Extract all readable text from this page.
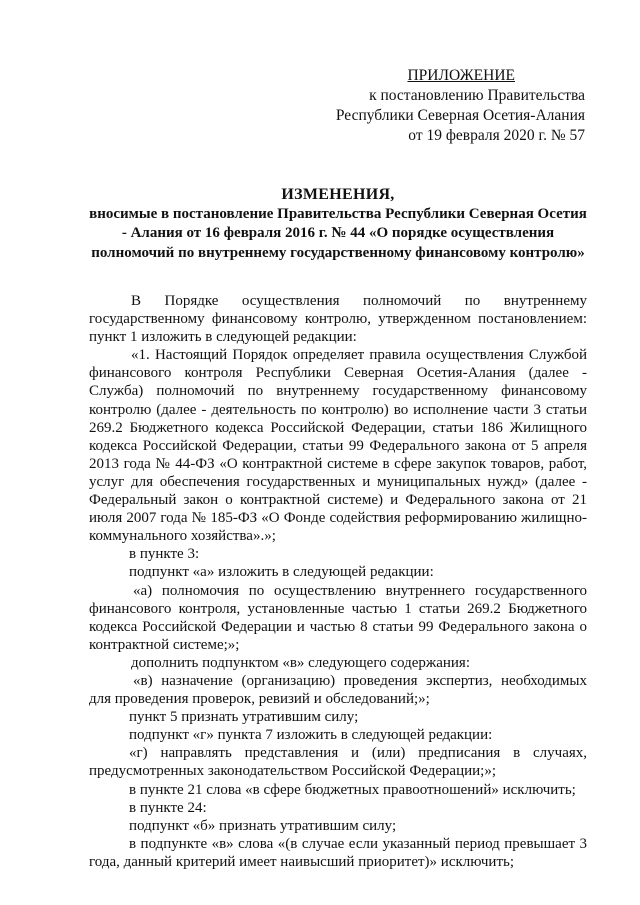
ПРИЛОЖЕНИЕ
к постановлению Правительства
Республики Северная Осетия-Алания
от 19 февраля 2020 г. № 57
ИЗМЕНЕНИЯ,
вносимые в постановление Правительства Республики Северная Осетия - Алания от 16 февраля 2016 г. № 44 «О порядке осуществления полномочий по внутреннему государственному финансовому контролю»

В Порядке осуществления полномочий по внутреннему государственному финансовому контролю, утвержденном постановлением: пункт 1 изложить в следующей редакции:

«1. Настоящий Порядок определяет правила осуществления Службой финансового контроля Республики Северная Осетия-Алания (далее - Служба) полномочий по внутреннему государственному финансовому контролю (далее - деятельность по контролю) во исполнение части 3 статьи 269.2 Бюджетного кодекса Российской Федерации, статьи 186 Жилищного кодекса Российской Федерации, статьи 99 Федерального закона от 5 апреля 2013 года № 44-ФЗ «О контрактной системе в сфере закупок товаров, работ, услуг для обеспечения государственных и муниципальных нужд» (далее - Федеральный закон о контрактной системе) и Федерального закона от 21 июля 2007 года № 185-ФЗ «О Фонде содействия реформированию жилищно-коммунального хозяйства».»;

в пункте 3:

подпункт «а» изложить в следующей редакции:

«а) полномочия по осуществлению внутреннего государственного финансового контроля, установленные частью 1 статьи 269.2 Бюджетного кодекса Российской Федерации и частью 8 статьи 99 Федерального закона о контрактной системе;»;

дополнить подпунктом «в» следующего содержания:

«в) назначение (организацию) проведения экспертиз, необходимых для проведения проверок, ревизий и обследований;»;

пункт 5 признать утратившим силу;

подпункт «г» пункта 7 изложить в следующей редакции:

«г) направлять представления и (или) предписания в случаях, предусмотренных законодательством Российской Федерации;»;

в пункте 21 слова «в сфере бюджетных правоотношений» исключить;

в пункте 24:

подпункт «б» признать утратившим силу;

в подпункте «в» слова «(в случае если указанный период превышает 3 года, данный критерий имеет наивысший приоритет)» исключить;
